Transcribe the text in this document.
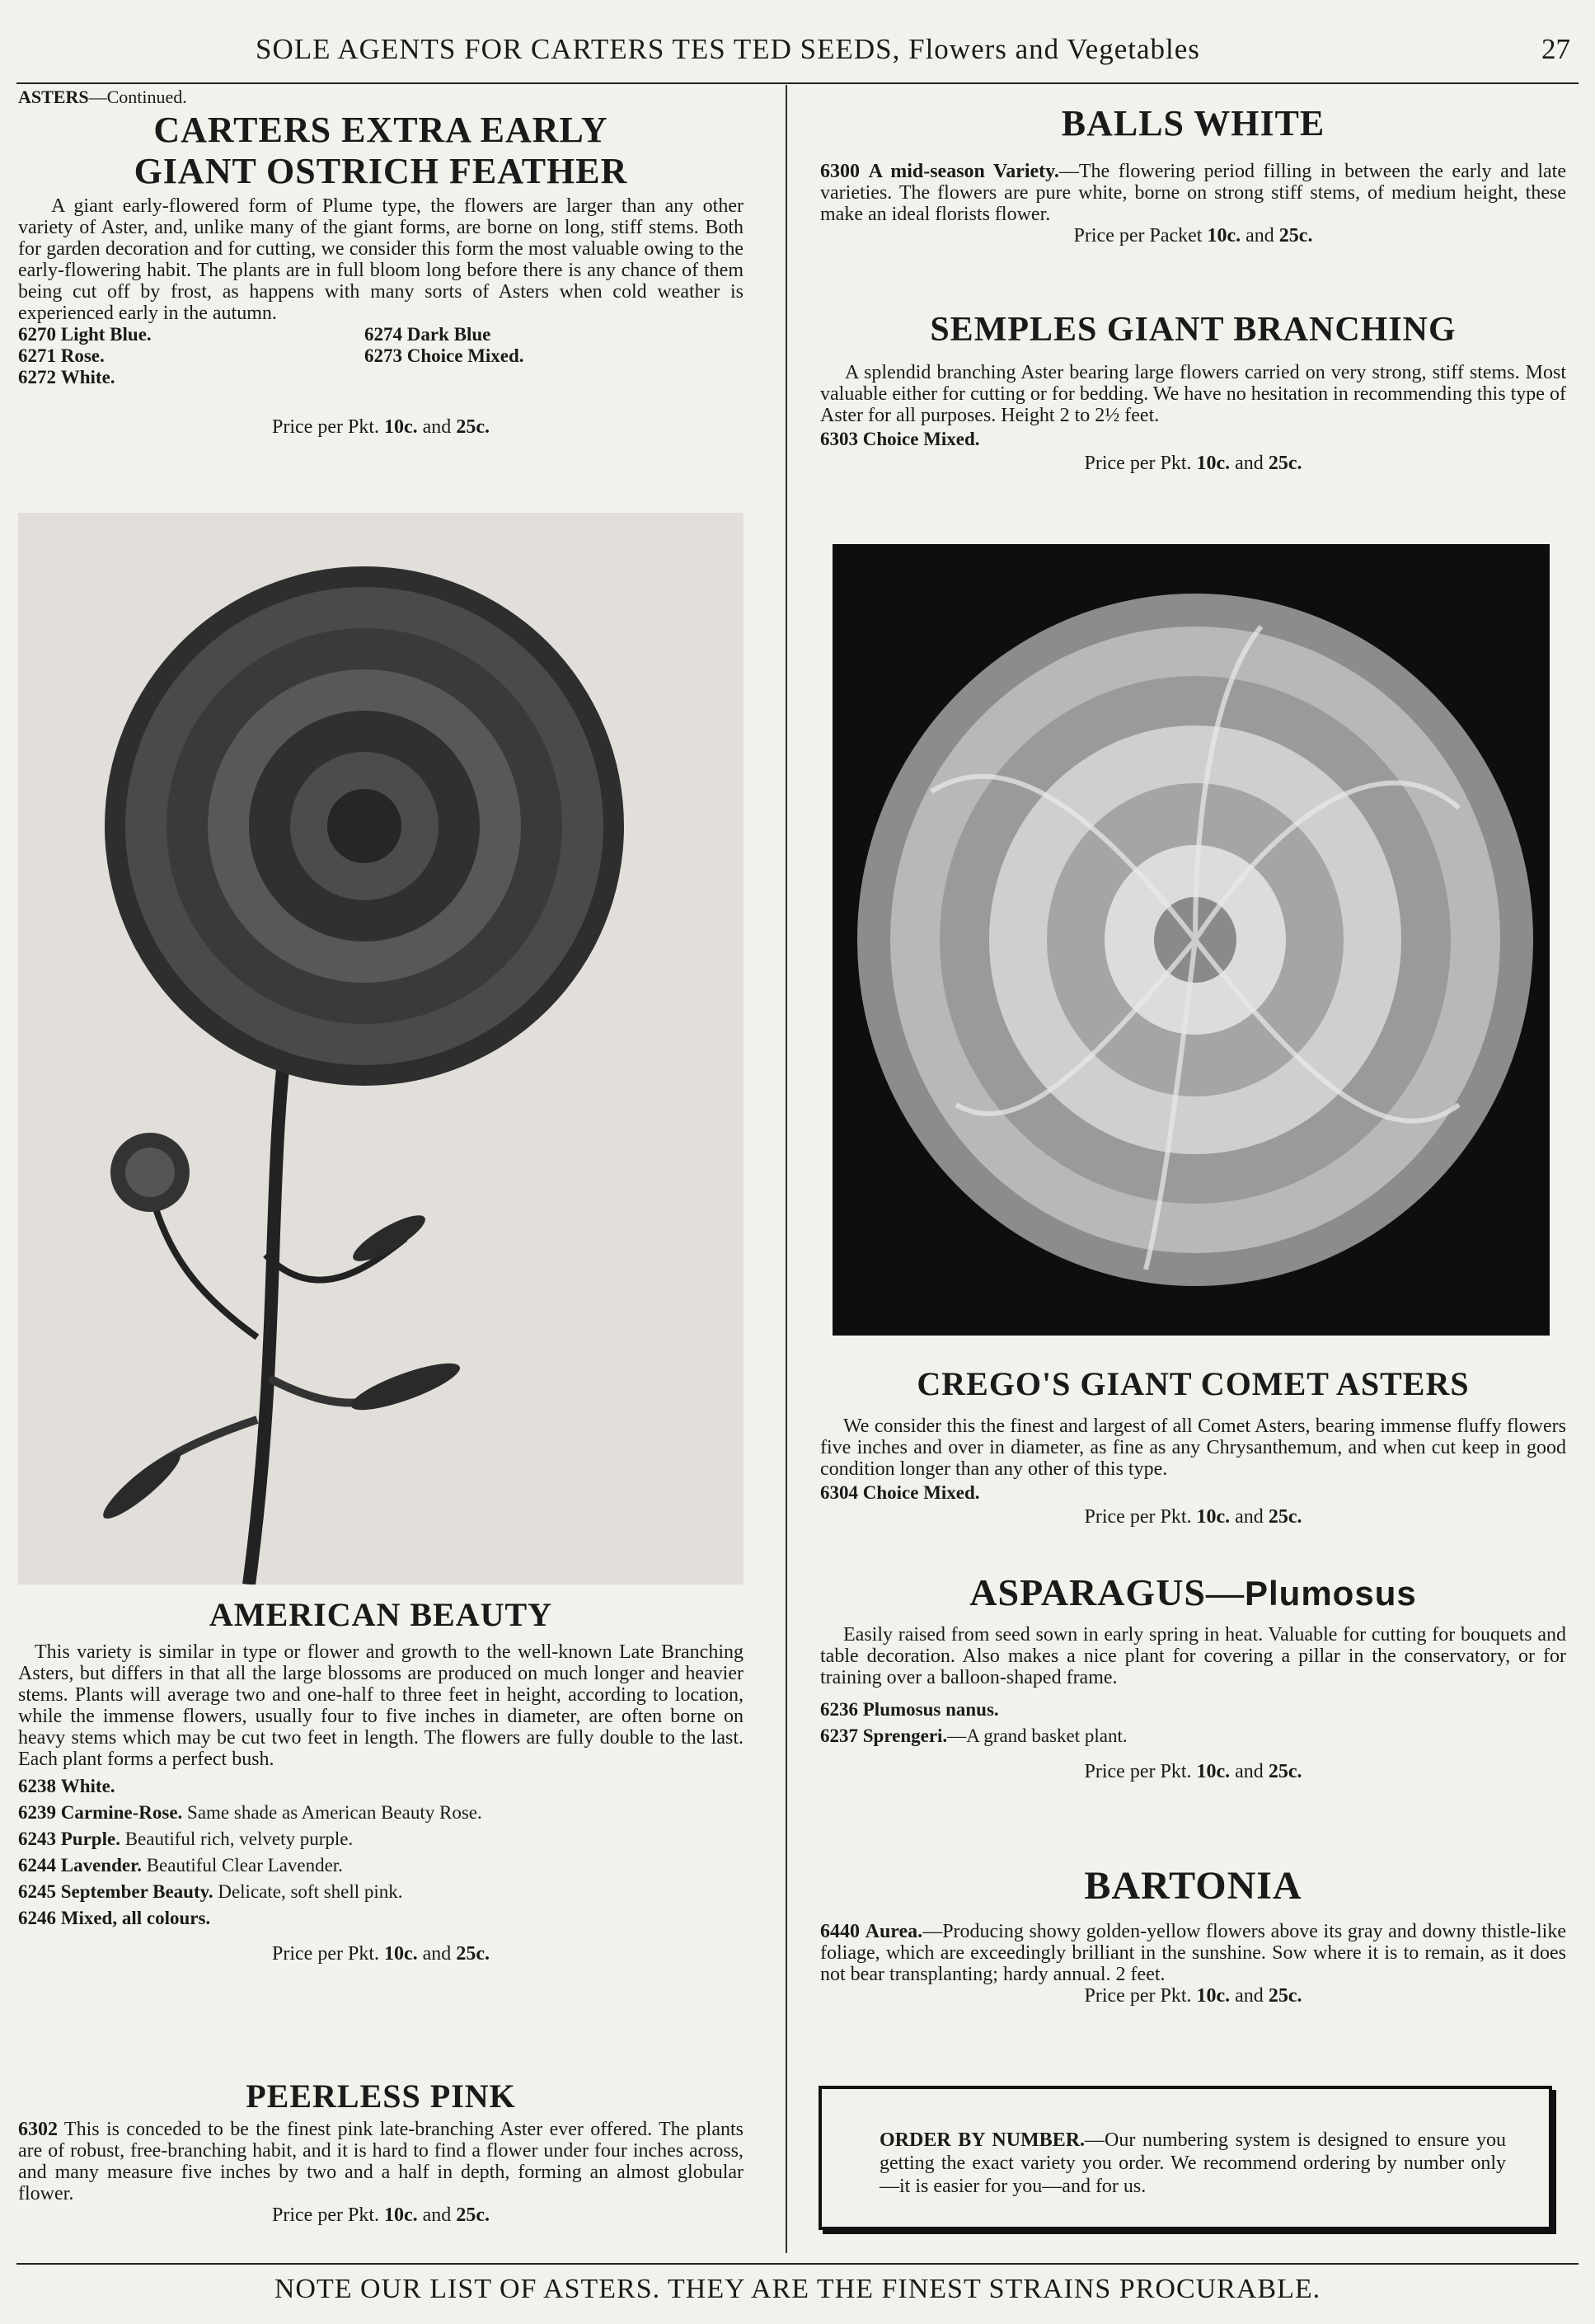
SOLE AGENTS FOR CARTERS TES TED SEEDS, Flowers and Vegetables	27
ASTERS—Continued.
CARTERS EXTRA EARLY
GIANT OSTRICH FEATHER

A giant early-flowered form of Plume type, the flowers are larger than any other variety of Aster, and, unlike many of the giant forms, are borne on long, stiff stems. Both for garden decoration and for cutting, we consider this form the most valuable owing to the early-flowering habit. The plants are in full bloom long before there is any chance of them being cut off by frost, as happens with many sorts of Asters when cold weather is experienced early in the autumn.

6270 Light Blue.	6274 Dark Blue
6271 Rose.	6273 Choice Mixed.
6272 White.
Price per Pkt. 10c. and 25c.
AMERICAN BEAUTY

This variety is similar in type or flower and growth to the well-known Late Branching Asters, but differs in that all the large blossoms are produced on much longer and heavier stems. Plants will average two and one-half to three feet in height, according to location, while the immense flowers, usually four to five inches in diameter, are often borne on heavy stems which may be cut two feet in length. The flowers are fully double to the last. Each plant forms a perfect bush.

6238 White.
6239 Carmine-Rose. Same shade as American Beauty Rose.
6243 Purple. Beautiful rich, velvety purple.
6244 Lavender. Beautiful Clear Lavender.
6245 September Beauty. Delicate, soft shell pink.
6246 Mixed, all colours.
Price per Pkt. 10c. and 25c.
PEERLESS PINK

6302 This is conceded to be the finest pink late-branching Aster ever offered. The plants are of robust, free-branching habit, and it is hard to find a flower under four inches across, and many measure five inches by two and a half in depth, forming an almost globular flower.

Price per Pkt. 10c. and 25c.
BALLS WHITE

6300 A mid-season Variety.—The flowering period filling in between the early and late varieties. The flowers are pure white, borne on strong stiff stems, of medium height, these make an ideal florists flower.

Price per Packet 10c. and 25c.
SEMPLES GIANT BRANCHING

A splendid branching Aster bearing large flowers carried on very strong, stiff stems. Most valuable either for cutting or for bedding. We have no hesitation in recommending this type of Aster for all purposes. Height 2 to 2½ feet.

6303 Choice Mixed.
Price per Pkt. 10c. and 25c.
CREGO'S GIANT COMET ASTERS

We consider this the finest and largest of all Comet Asters, bearing immense fluffy flowers five inches and over in diameter, as fine as any Chrysanthemum, and when cut keep in good condition longer than any other of this type.

6304 Choice Mixed.
Price per Pkt. 10c. and 25c.
ASPARAGUS—Plumosus

Easily raised from seed sown in early spring in heat. Valuable for cutting for bouquets and table decoration. Also makes a nice plant for covering a pillar in the conservatory, or for training over a balloon-shaped frame.

6236 Plumosus nanus.
6237 Sprengeri.—A grand basket plant.
Price per Pkt. 10c. and 25c.
BARTONIA

6440 Aurea.—Producing showy golden-yellow flowers above its gray and downy thistle-like foliage, which are exceedingly brilliant in the sunshine. Sow where it is to remain, as it does not bear transplanting; hardy annual. 2 feet.

Price per Pkt. 10c. and 25c.

ORDER BY NUMBER.—Our numbering system is designed to ensure you getting the exact variety you order. We recommend ordering by number only—it is easier for you—and for us.

NOTE OUR LIST OF ASTERS. THEY ARE THE FINEST STRAINS PROCURABLE.
